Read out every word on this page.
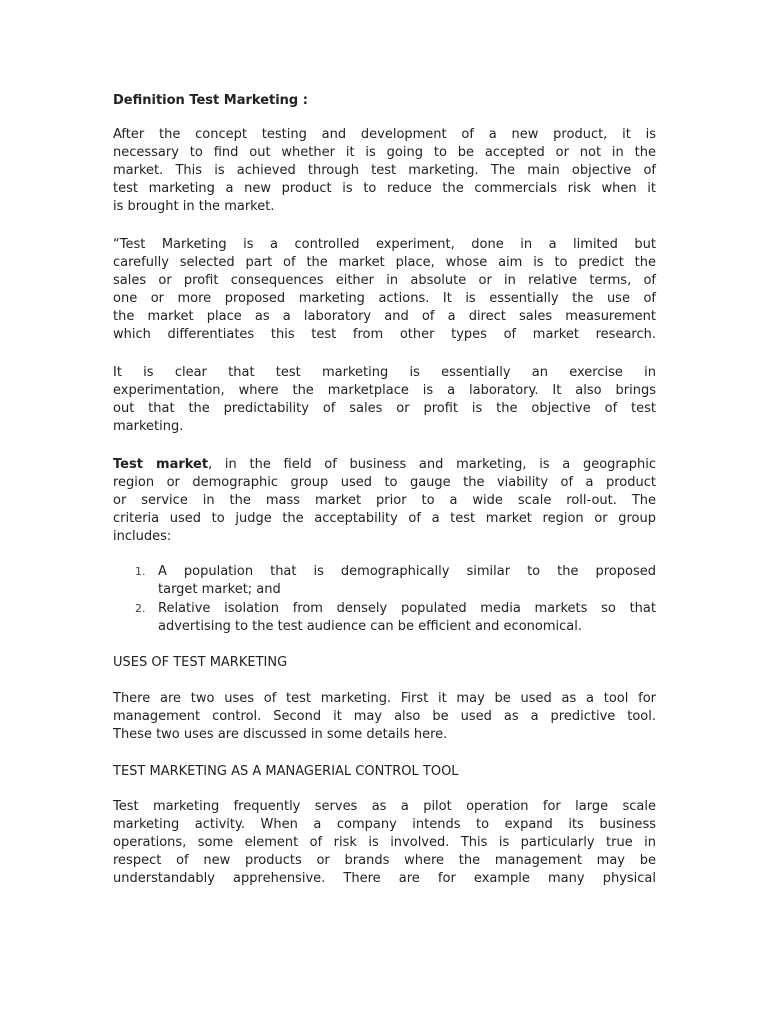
Definition Test Marketing :
After the concept testing and development of a new product, it is
necessary to find out whether it is going to be accepted or not in the
market. This is achieved through test marketing. The main objective of
test marketing a new product is to reduce the commercials risk when it
is brought in the market.
“Test Marketing is a controlled experiment, done in a limited but
carefully selected part of the market place, whose aim is to predict the
sales or profit consequences either in absolute or in relative terms, of
one or more proposed marketing actions. It is essentially the use of
the market place as a laboratory and of a direct sales measurement
which differentiates this test from other types of market research.
It is clear that test marketing is essentially an exercise in
experimentation, where the marketplace is a laboratory. It also brings
out that the predictability of sales or profit is the objective of test
marketing.
Test market, in the field of business and marketing, is a geographic
region or demographic group used to gauge the viability of a product
or service in the mass market prior to a wide scale roll-out. The
criteria used to judge the acceptability of a test market region or group
includes:
1. A population that is demographically similar to the proposed
target market; and
2. Relative isolation from densely populated media markets so that
advertising to the test audience can be efficient and economical.
USES OF TEST MARKETING
There are two uses of test marketing. First it may be used as a tool for
management control. Second it may also be used as a predictive tool.
These two uses are discussed in some details here.
TEST MARKETING AS A MANAGERIAL CONTROL TOOL
Test marketing frequently serves as a pilot operation for large scale
marketing activity. When a company intends to expand its business
operations, some element of risk is involved. This is particularly true in
respect of new products or brands where the management may be
understandably apprehensive. There are for example many physical
